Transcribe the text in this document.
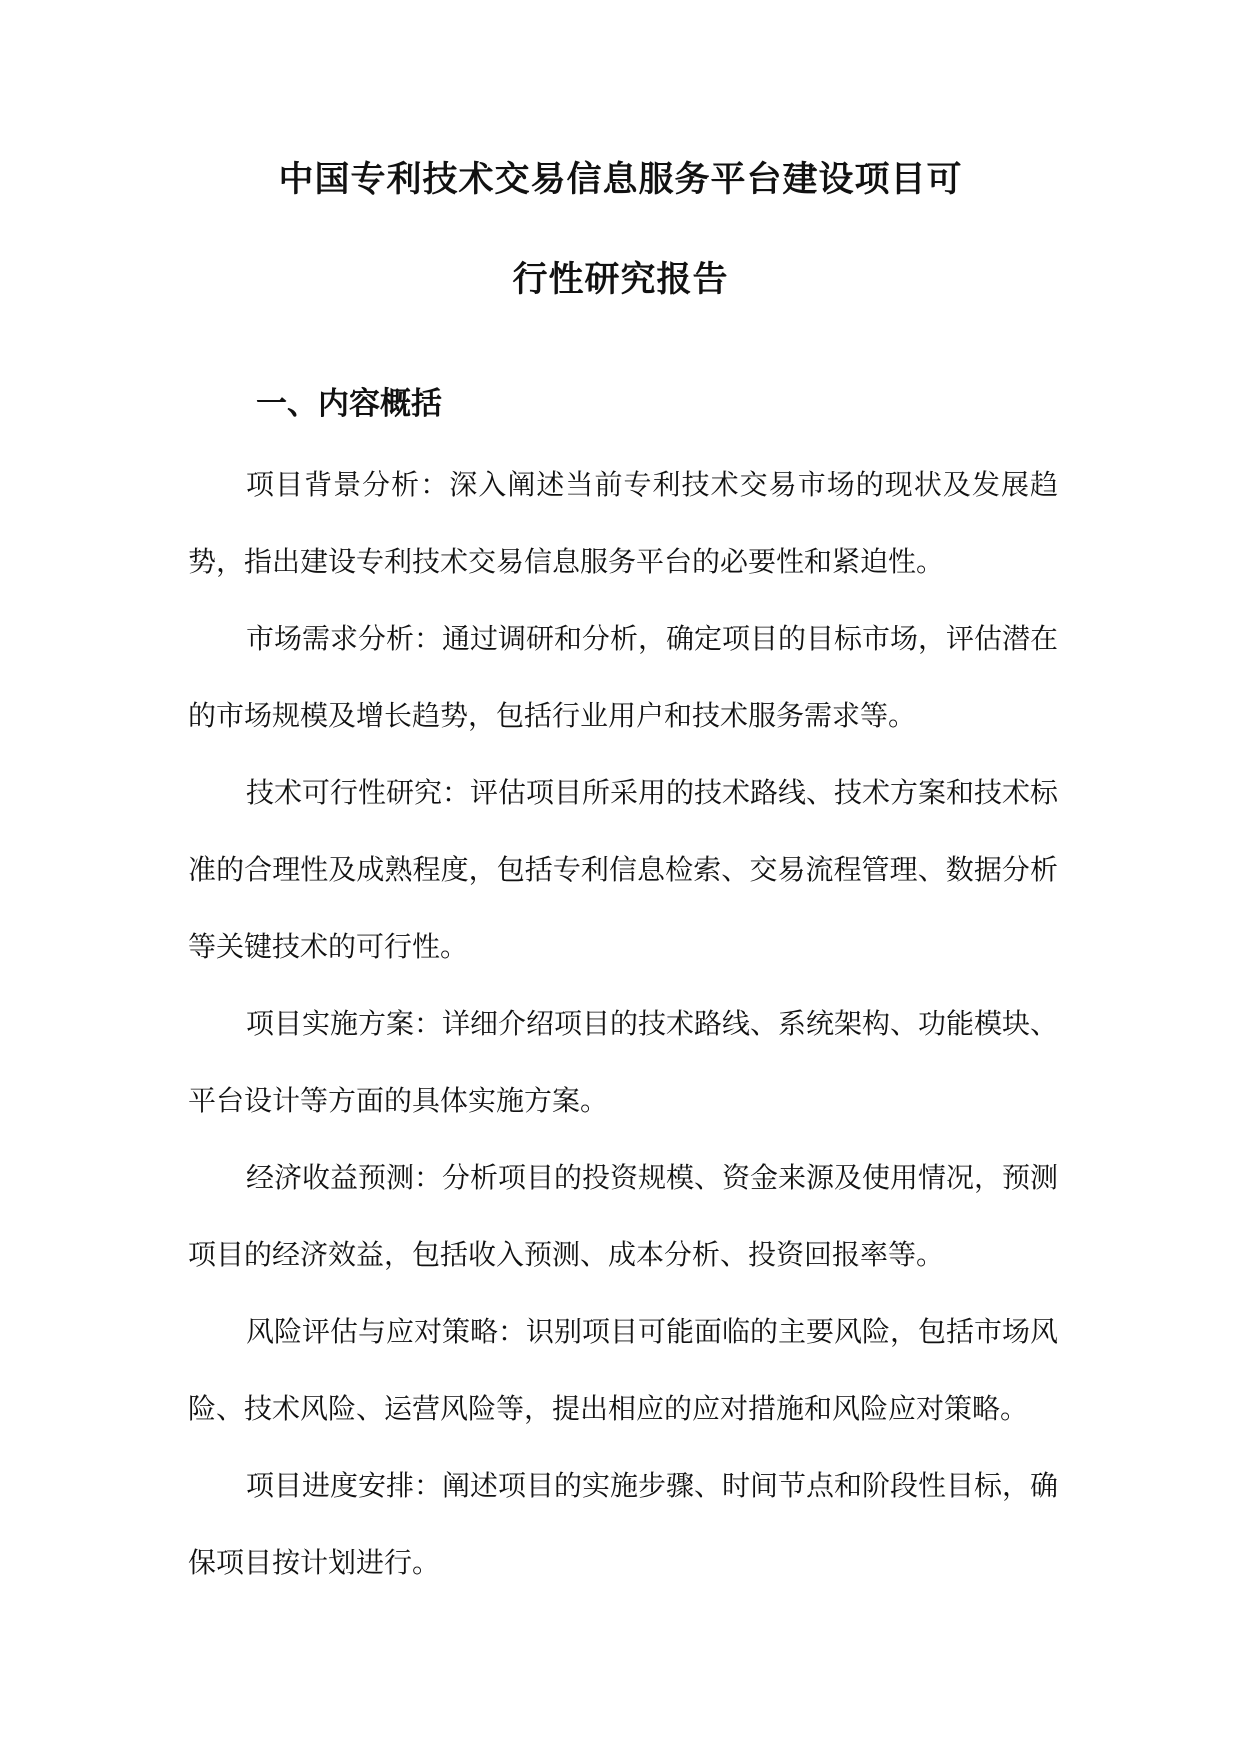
中国专利技术交易信息服务平台建设项目可
行性研究报告
一、内容概括

项目背景分析：深入阐述当前专利技术交易市场的现状及发展趋势，指出建设专利技术交易信息服务平台的必要性和紧迫性。

市场需求分析：通过调研和分析，确定项目的目标市场，评估潜在的市场规模及增长趋势，包括行业用户和技术服务需求等。

技术可行性研究：评估项目所采用的技术路线、技术方案和技术标准的合理性及成熟程度，包括专利信息检索、交易流程管理、数据分析等关键技术的可行性。

项目实施方案：详细介绍项目的技术路线、系统架构、功能模块、平台设计等方面的具体实施方案。

经济收益预测：分析项目的投资规模、资金来源及使用情况，预测项目的经济效益，包括收入预测、成本分析、投资回报率等。

风险评估与应对策略：识别项目可能面临的主要风险，包括市场风险、技术风险、运营风险等，提出相应的应对措施和风险应对策略。

项目进度安排：阐述项目的实施步骤、时间节点和阶段性目标，确保项目按计划进行。
